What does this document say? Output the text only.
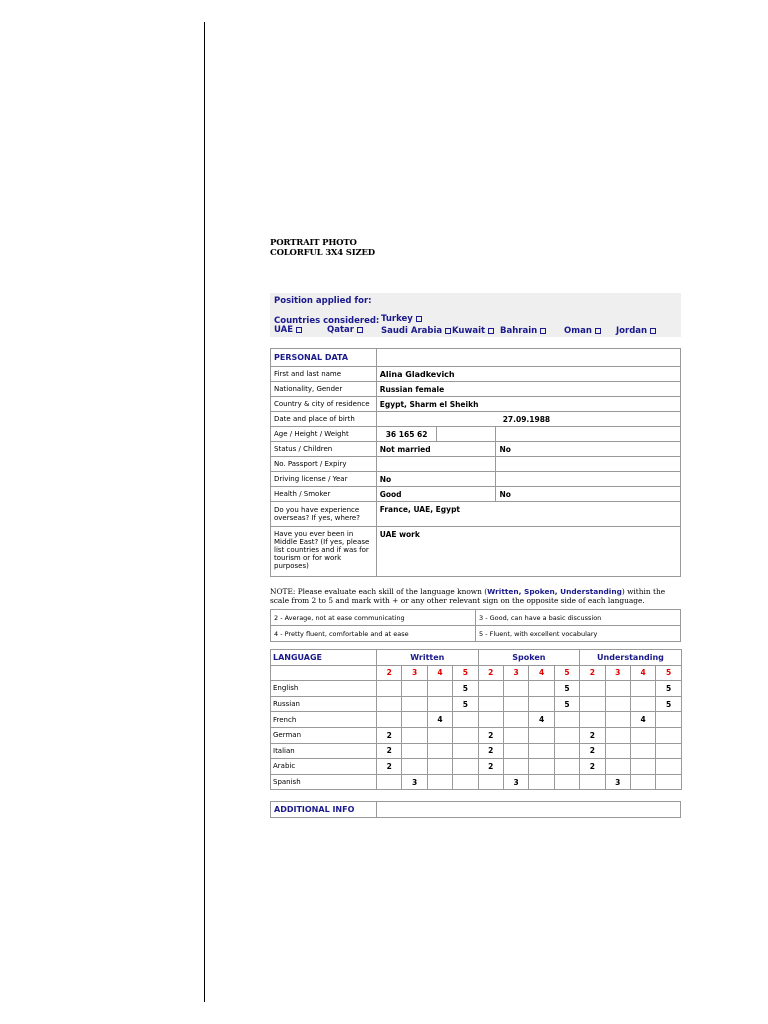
PORTRAIT PHOTO
COLORFUL 3X4 SIZED
Position applied for:
Countries considered: Turkey
UAE	Qatar	Saudi Arabia	Kuwait	Bahrain	Oman	Jordan
PERSONAL DATA			
First and last name	Alina Gladkevich		
Nationality, Gender	Russian female		
Country & city of residence	Egypt, Sharm el Sheikh		
Date and place of birth	27.09.1988		
Age / Height / Weight	36 165 62		
Status / Children	Not married		No
No. Passport / Expiry			
Driving license / Year	No		
Health / Smoker	Good		No
Do you have experience overseas? If yes, where?	France, UAE, Egypt		
Have you ever been in Middle East? (If yes, please list countries and if was for tourism or for work purposes)	UAE work		
NOTE: Please evaluate each skill of the language known (Written, Spoken, Understanding) within the scale from 2 to 5 and mark with + or any other relevant sign on the opposite side of each language.
2 - Average, not at ease communicating	3 - Good, can have a basic discussion
4 - Pretty fluent, comfortable and at ease	5 - Fluent, with excellent vocabulary
LANGUAGE	Written				Spoken				Understanding			
	2	3	4	5	2	3	4	5	2	3	4	5
English				5				5				5
Russian				5				5				5
French			4				4				4	
German	2				2				2			
Italian	2				2				2			
Arabic	2				2				2			
Spanish		3				3				3		
ADDITIONAL INFO	
